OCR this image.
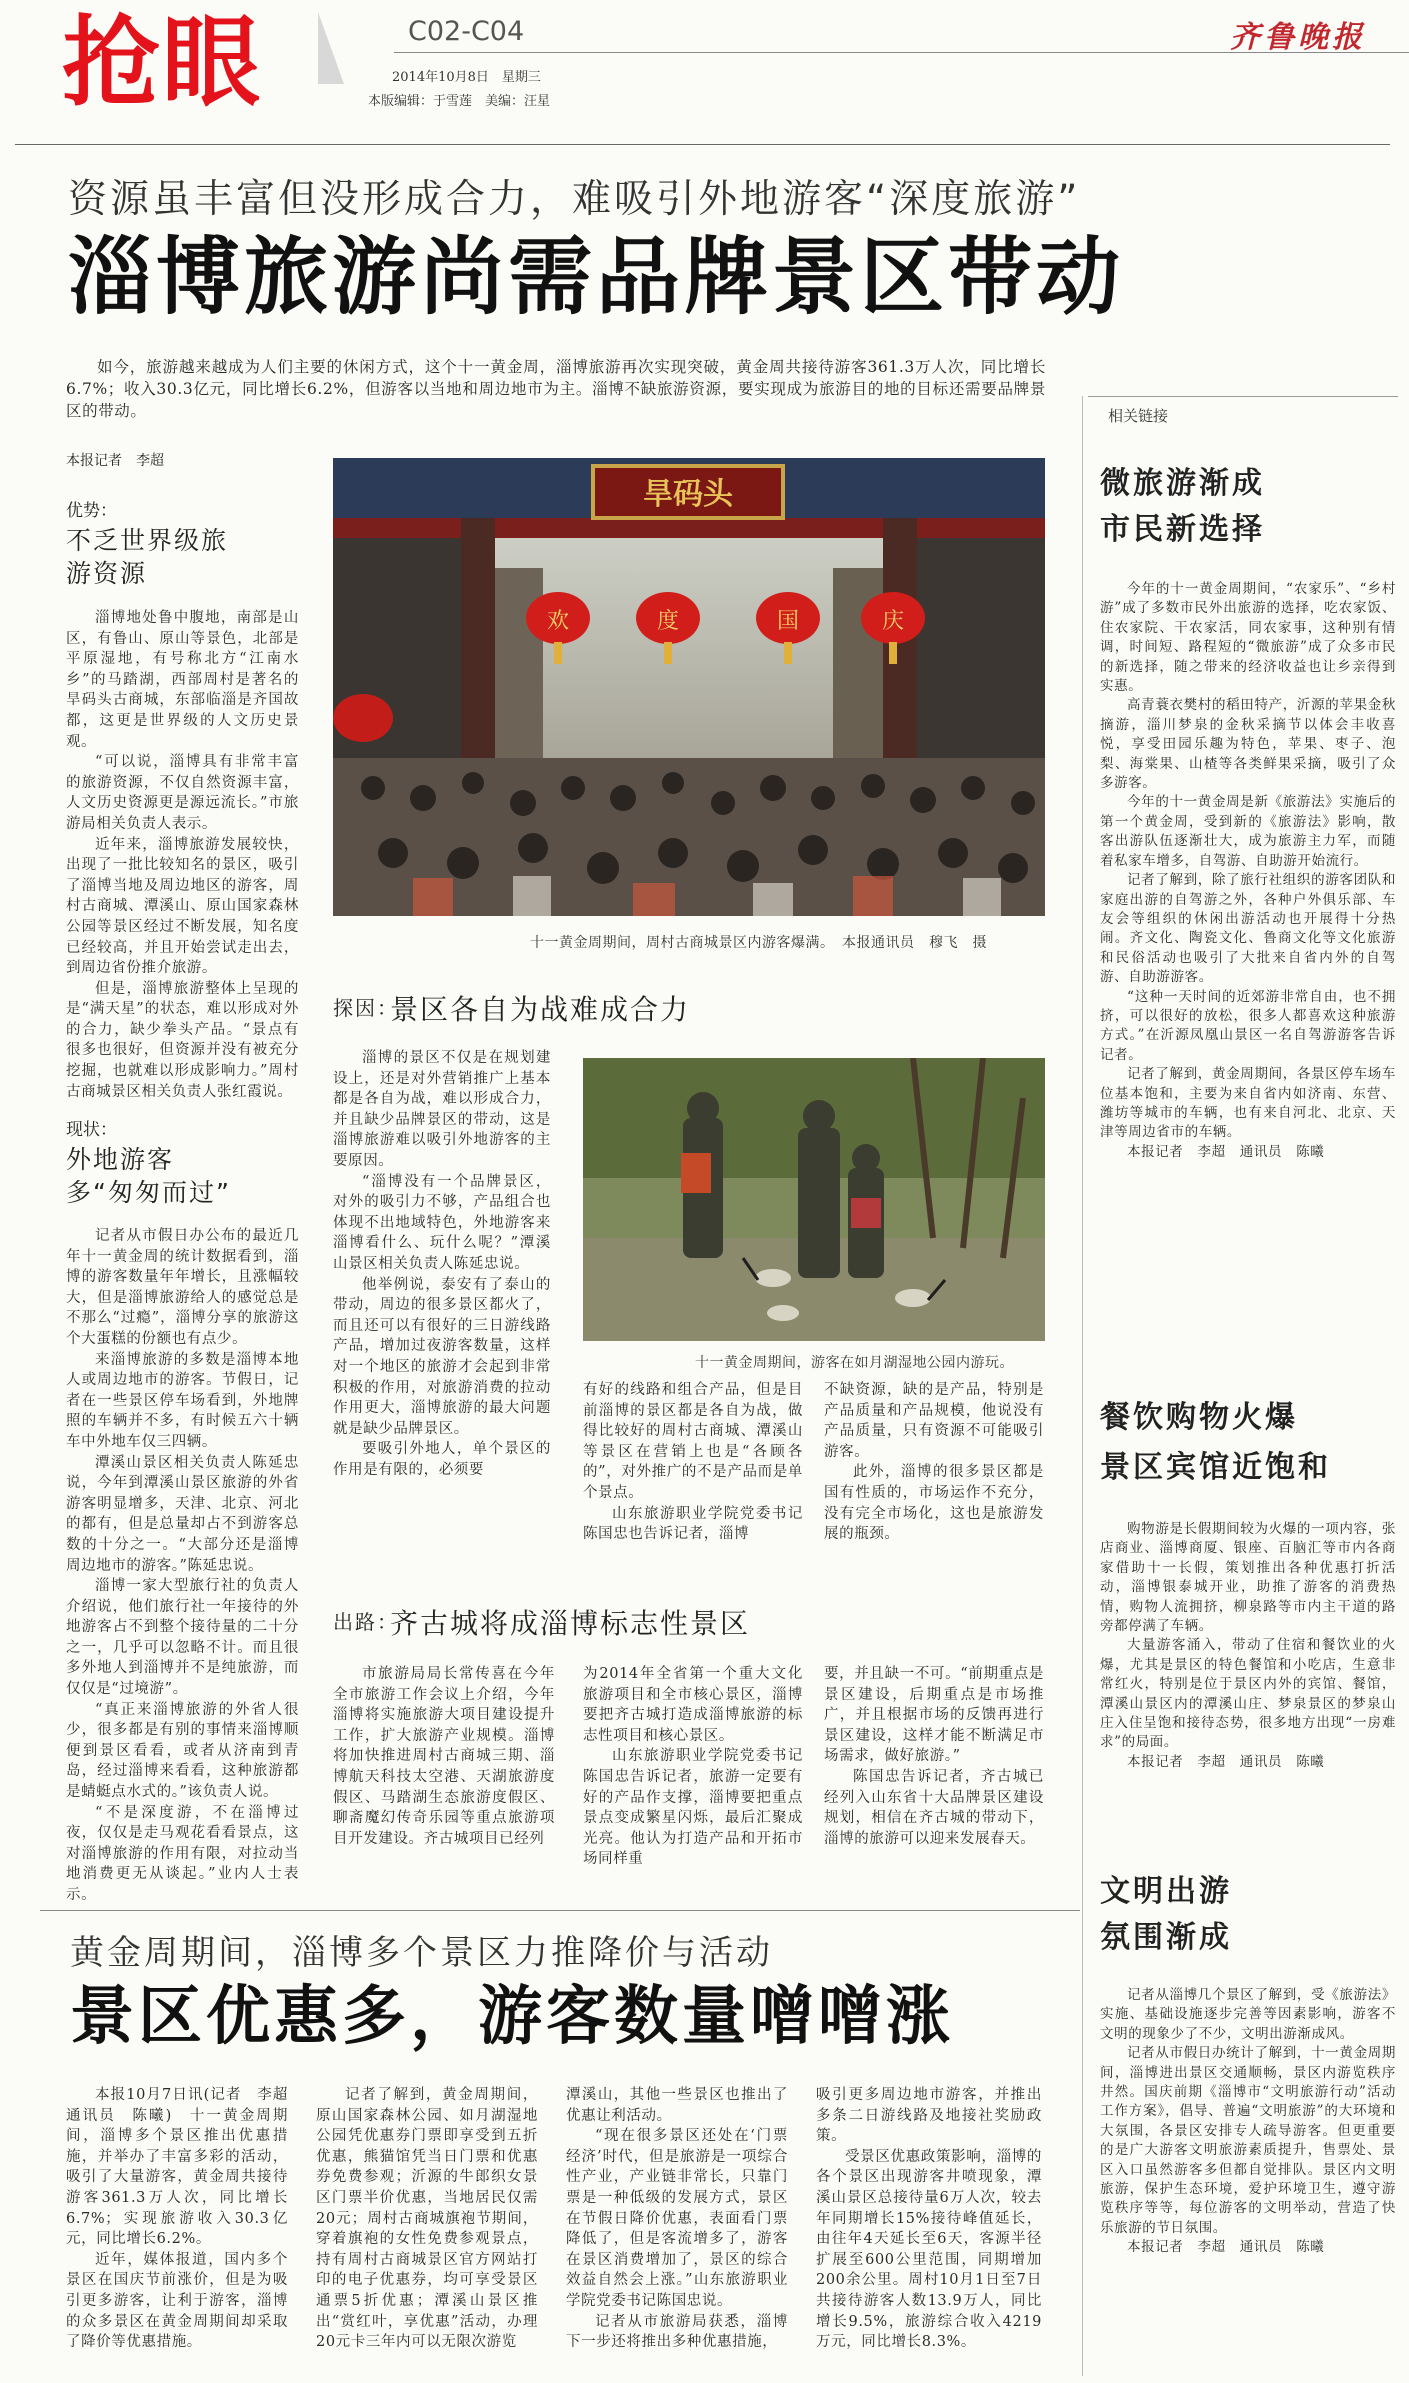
抢眼	C02-C04
2014年10月8日　星期三
本版编辑：于雪莲　美编：汪星
齐鲁晚报
资源虽丰富但没形成合力，难吸引外地游客“深度旅游”
淄博旅游尚需品牌景区带动

如今，旅游越来越成为人们主要的休闲方式，这个十一黄金周，淄博旅游再次实现突破，黄金周共接待游客361.3万人次，同比增长6.7%；收入30.3亿元，同比增长6.2%，但游客以当地和周边地市为主。淄博不缺旅游资源，要实现成为旅游目的地的目标还需要品牌景区的带动。	相关链接
本报记者　李超
优势：
不乏世界级旅游资源

淄博地处鲁中腹地，南部是山区，有鲁山、原山等景色，北部是平原湿地，有号称北方“江南水乡”的马踏湖，西部周村是著名的旱码头古商城，东部临淄是齐国故都，这更是世界级的人文历史景观。

“可以说，淄博具有非常丰富的旅游资源，不仅自然资源丰富，人文历史资源更是源远流长。”市旅游局相关负责人表示。

近年来，淄博旅游发展较快，出现了一批比较知名的景区，吸引了淄博当地及周边地区的游客，周村古商城、潭溪山、原山国家森林公园等景区经过不断发展，知名度已经较高，并且开始尝试走出去，到周边省份推介旅游。

但是，淄博旅游整体上呈现的是“满天星”的状态，难以形成对外的合力，缺少拳头产品。“景点有很多也很好，但资源并没有被充分挖掘，也就难以形成影响力。”周村古商城景区相关负责人张红霞说。

现状：
外地游客多“匆匆而过”

记者从市假日办公布的最近几年十一黄金周的统计数据看到，淄博的游客数量年年增长，且涨幅较大，但是淄博旅游给人的感觉总是不那么“过瘾”，淄博分享的旅游这个大蛋糕的份额也有点少。

来淄博旅游的多数是淄博本地人或周边地市的游客。节假日，记者在一些景区停车场看到，外地牌照的车辆并不多，有时候五六十辆车中外地车仅三四辆。

潭溪山景区相关负责人陈延忠说，今年到潭溪山景区旅游的外省游客明显增多，天津、北京、河北的都有，但是总量却占不到游客总数的十分之一。“大部分还是淄博周边地市的游客。”陈延忠说。

淄博一家大型旅行社的负责人介绍说，他们旅行社一年接待的外地游客占不到整个接待量的二十分之一，几乎可以忽略不计。而且很多外地人到淄博并不是纯旅游，而仅仅是“过境游”。

“真正来淄博旅游的外省人很少，很多都是有别的事情来淄博顺便到景区看看，或者从济南到青岛，经过淄博来看看，这种旅游都是蜻蜓点水式的。”该负责人说。

“不是深度游，不在淄博过夜，仅仅是走马观花看看景点，这对淄博旅游的作用有限，对拉动当地消费更无从谈起。”业内人士表示。

旱码头
欢	度	国	庆
十一黄金周期间，周村古商城景区内游客爆满。　本报通讯员　穆飞　摄
探因：
景区各自为战难成合力

淄博的景区不仅是在规划建设上，还是对外营销推广上基本都是各自为战，难以形成合力，并且缺少品牌景区的带动，这是淄博旅游难以吸引外地游客的主要原因。

“淄博没有一个品牌景区，对外的吸引力不够，产品组合也体现不出地域特色，外地游客来淄博看什么、玩什么呢？”潭溪山景区相关负责人陈延忠说。

他举例说，泰安有了泰山的带动，周边的很多景区都火了，而且还可以有很好的三日游线路产品，增加过夜游客数量，这样对一个地区的旅游才会起到非常积极的作用，对旅游消费的拉动作用更大，淄博旅游的最大问题就是缺少品牌景区。

要吸引外地人，单个景区的作用是有限的，必须要

十一黄金周期间，游客在如月湖湿地公园内游玩。

有好的线路和组合产品，但是目前淄博的景区都是各自为战，做得比较好的周村古商城、潭溪山等景区在营销上也是“各顾各的”，对外推广的不是产品而是单个景点。

山东旅游职业学院党委书记陈国忠也告诉记者，淄博

不缺资源，缺的是产品，特别是产品质量和产品规模，他说没有产品质量，只有资源不可能吸引游客。

此外，淄博的很多景区都是国有性质的，市场运作不充分，没有完全市场化，这也是旅游发展的瓶颈。

出路：
齐古城将成淄博标志性景区

市旅游局局长常传喜在今年全市旅游工作会议上介绍，今年淄博将实施旅游大项目建设提升工作，扩大旅游产业规模。淄博将加快推进周村古商城三期、淄博航天科技太空港、天湖旅游度假区、马踏湖生态旅游度假区、聊斋魔幻传奇乐园等重点旅游项目开发建设。齐古城项目已经列

为2014年全省第一个重大文化旅游项目和全市核心景区，淄博要把齐古城打造成淄博旅游的标志性项目和核心景区。

山东旅游职业学院党委书记陈国忠告诉记者，旅游一定要有好的产品作支撑，淄博要把重点景点变成繁星闪烁，最后汇聚成光亮。他认为打造产品和开拓市场同样重

要，并且缺一不可。“前期重点是景区建设，后期重点是市场推广，并且根据市场的反馈再进行景区建设，这样才能不断满足市场需求，做好旅游。”

陈国忠告诉记者，齐古城已经列入山东省十大品牌景区建设规划，相信在齐古城的带动下，淄博的旅游可以迎来发展春天。

黄金周期间，淄博多个景区力推降价与活动
景区优惠多，游客数量噌噌涨

本报10月7日讯(记者　李超　通讯员　陈曦)　十一黄金周期间，淄博多个景区推出优惠措施，并举办了丰富多彩的活动，吸引了大量游客，黄金周共接待游客361.3万人次，同比增长6.7%；实现旅游收入30.3亿元，同比增长6.2%。

近年，媒体报道，国内多个景区在国庆节前涨价，但是为吸引更多游客，让利于游客，淄博的众多景区在黄金周期间却采取了降价等优惠措施。

记者了解到，黄金周期间，原山国家森林公园、如月湖湿地公园凭优惠券门票即享受到五折优惠，熊猫馆凭当日门票和优惠券免费参观；沂源的牛郎织女景区门票半价优惠，当地居民仅需20元；周村古商城旗袍节期间，穿着旗袍的女性免费参观景点，持有周村古商城景区官方网站打印的电子优惠券，均可享受景区通票5折优惠；潭溪山景区推出“赏红叶，享优惠”活动，办理20元卡三年内可以无限次游览

潭溪山，其他一些景区也推出了优惠让利活动。

“现在很多景区还处在‘门票经济’时代，但是旅游是一项综合性产业，产业链非常长，只靠门票是一种低级的发展方式，景区在节假日降价优惠，表面看门票降低了，但是客流增多了，游客在景区消费增加了，景区的综合效益自然会上涨。”山东旅游职业学院党委书记陈国忠说。

记者从市旅游局获悉，淄博下一步还将推出多种优惠措施，

吸引更多周边地市游客，并推出多条二日游线路及地接社奖励政策。

受景区优惠政策影响，淄博的各个景区出现游客井喷现象，潭溪山景区总接待量6万人次，较去年同期增长15%接待峰值延长，由往年4天延长至6天，客源半径扩展至600公里范围，同期增加200余公里。周村10月1日至7日共接待游客人数13.9万人，同比增长9.5%，旅游综合收入4219万元，同比增长8.3%。

微旅游渐成
市民新选择

今年的十一黄金周期间，“农家乐”、“乡村游”成了多数市民外出旅游的选择，吃农家饭、住农家院、干农家活，同农家事，这种别有情调，时间短、路程短的“微旅游”成了众多市民的新选择，随之带来的经济收益也让乡亲得到实惠。

高青蓑衣樊村的稻田特产，沂源的苹果金秋摘游，淄川梦泉的金秋采摘节以体会丰收喜悦，享受田园乐趣为特色，苹果、枣子、泡梨、海棠果、山楂等各类鲜果采摘，吸引了众多游客。

今年的十一黄金周是新《旅游法》实施后的第一个黄金周，受到新的《旅游法》影响，散客出游队伍逐渐壮大，成为旅游主力军，而随着私家车增多，自驾游、自助游开始流行。

记者了解到，除了旅行社组织的游客团队和家庭出游的自驾游之外，各种户外俱乐部、车友会等组织的休闲出游活动也开展得十分热闹。齐文化、陶瓷文化、鲁商文化等文化旅游和民俗活动也吸引了大批来自省内外的自驾游、自助游游客。

“这种一天时间的近郊游非常自由，也不拥挤，可以很好的放松，很多人都喜欢这种旅游方式。”在沂源凤凰山景区一名自驾游游客告诉记者。

记者了解到，黄金周期间，各景区停车场车位基本饱和，主要为来自省内如济南、东营、潍坊等城市的车辆，也有来自河北、北京、天津等周边省市的车辆。

本报记者　李超　通讯员　陈曦

餐饮购物火爆
景区宾馆近饱和

购物游是长假期间较为火爆的一项内容，张店商业、淄博商厦、银座、百脑汇等市内各商家借助十一长假，策划推出各种优惠打折活动，淄博银泰城开业，助推了游客的消费热情，购物人流拥挤，柳泉路等市内主干道的路旁都停满了车辆。

大量游客涌入，带动了住宿和餐饮业的火爆，尤其是景区的特色餐馆和小吃店，生意非常红火，特别是位于景区内外的宾馆、餐馆，潭溪山景区内的潭溪山庄、梦泉景区的梦泉山庄入住呈饱和接待态势，很多地方出现“一房难求”的局面。

本报记者　李超　通讯员　陈曦

文明出游
氛围渐成

记者从淄博几个景区了解到，受《旅游法》实施、基础设施逐步完善等因素影响，游客不文明的现象少了不少，文明出游渐成风。

记者从市假日办统计了解到，十一黄金周期间，淄博进出景区交通顺畅，景区内游览秩序井然。国庆前期《淄博市“文明旅游行动”活动工作方案》，倡导、普遍“文明旅游”的大环境和大氛围，各景区安排专人疏导游客。但更重要的是广大游客文明旅游素质提升，售票处、景区入口虽然游客多但都自觉排队。景区内文明旅游，保护生态环境，爱护环境卫生，遵守游览秩序等等，每位游客的文明举动，营造了快乐旅游的节日氛围。

本报记者　李超　通讯员　陈曦
